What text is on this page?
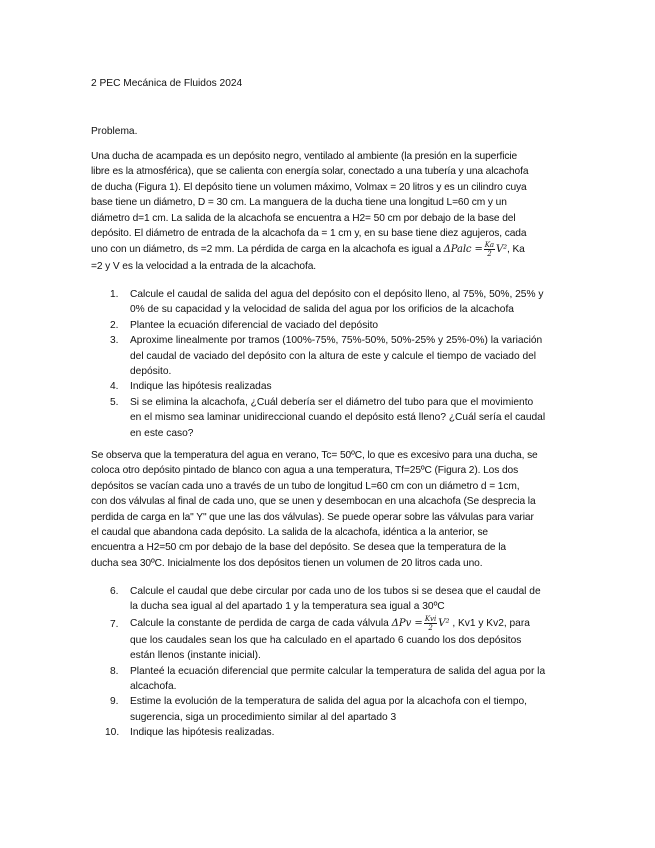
2 PEC Mecánica de Fluidos 2024
Problema.
Una ducha de acampada es un depósito negro, ventilado al ambiente (la presión en la superficie
libre es la atmosférica), que se calienta con energía solar, conectado a una tubería y una alcachofa
de ducha (Figura 1). El depósito tiene un volumen máximo, Volmax = 20 litros y es un cilindro cuya
base tiene un diámetro, D = 30 cm. La manguera de la ducha tiene una longitud L=60 cm y un
diámetro d=1 cm. La salida de la alcachofa se encuentra a H2= 50 cm por debajo de la base del
depósito. El diámetro de entrada de la alcachofa da = 1 cm y, en su base tiene diez agujeros, cada
uno con un diámetro, ds =2 mm. La pérdida de carga en la alcachofa es igual a ΔPalc = $\frac{Ka}{2} V^2$, Ka
=2 y V es la velocidad a la entrada de la alcachofa.
1. Calcule el caudal de salida del agua del depósito con el depósito lleno, al 75%, 50%, 25% y
0% de su capacidad y la velocidad de salida del agua por los orificios de la alcachofa
2. Plantee la ecuación diferencial de vaciado del depósito
3. Aproxime linealmente por tramos (100%-75%, 75%-50%, 50%-25% y 25%-0%) la variación
del caudal de vaciado del depósito con la altura de este y calcule el tiempo de vaciado del
depósito.
4. Indique las hipótesis realizadas
5. Si se elimina la alcachofa, ¿Cuál debería ser el diámetro del tubo para que el movimiento
en el mismo sea laminar unidireccional cuando el depósito está lleno? ¿Cuál sería el caudal
en este caso?
Se observa que la temperatura del agua en verano, Tc= 50ºC, lo que es excesivo para una ducha, se
coloca otro depósito pintado de blanco con agua a una temperatura, Tf=25ºC (Figura 2). Los dos
depósitos se vacían cada uno a través de un tubo de longitud L=60 cm con un diámetro d = 1cm,
con dos válvulas al final de cada uno, que se unen y desembocan en una alcachofa (Se desprecia la
perdida de carga en la" Y" que une las dos válvulas). Se puede operar sobre las válvulas para variar
el caudal que abandona cada depósito. La salida de la alcachofa, idéntica a la anterior, se
encuentra a H2=50 cm por debajo de la base del depósito. Se desea que la temperatura de la
ducha sea 30ºC. Inicialmente los dos depósitos tienen un volumen de 20 litros cada uno.
6. Calcule el caudal que debe circular por cada uno de los tubos si se desea que el caudal de
la ducha sea igual al del apartado 1 y la temperatura sea igual a 30ºC
7. Calcule la constante de perdida de carga de cada válvula $\Delta Pv = \frac{\text{Kvi}}{2} V^2$ , Kv1 y Kv2, para
que los caudales sean los que ha calculado en el apartado 6 cuando los dos depósitos
están llenos (instante inicial).
8. Planteé la ecuación diferencial que permite calcular la temperatura de salida del agua por la
alcachofa.
9. Estime la evolución de la temperatura de salida del agua por la alcachofa con el tiempo,
sugerencia, siga un procedimiento similar al del apartado 3
10. Indique las hipótesis realizadas.
